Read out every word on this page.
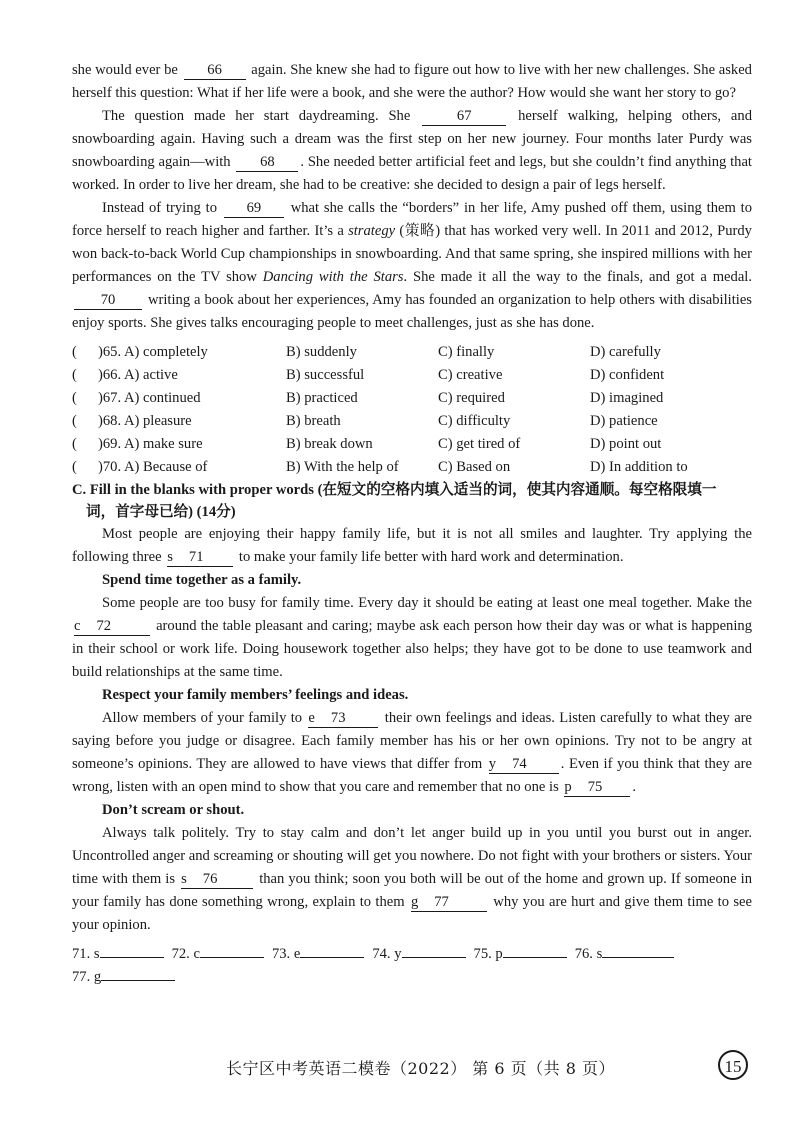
she would ever be 66 again. She knew she had to figure out how to live with her new challenges. She asked herself this question: What if her life were a book, and she were the author? How would she want her story to go?

The question made her start daydreaming. She	67	herself walking, helping others, and snowboarding again. Having such a dream was the first step on her new journey. Four months later Purdy was snowboarding again—with 68 . She needed better artificial feet and legs, but she couldn’t find anything that worked. In order to live her dream, she had to be creative: she decided to design a pair of legs herself.

Instead of trying to 69 what she calls the “borders” in her life, Amy pushed off them, using them to force herself to reach higher and farther. It’s a strategy (策略) that has worked very well. In 2011 and 2012, Purdy won back-to-back World Cup championships in snowboarding. And that same spring, she inspired millions with her performances on the TV show Dancing with the Stars. She made it all the way to the finals, and got a medal. 70 writing a book about her experiences, Amy has founded an organization to help others with disabilities enjoy sports. She gives talks encouraging people to meet challenges, just as she has done.

( )65. A) completely	B) suddenly	C) finally	D) carefully
( )66. A) active	B) successful	C) creative	D) confident
( )67. A) continued	B) practiced	C) required	D) imagined
( )68. A) pleasure	B) breath	C) difficulty	D) patience
( )69. A) make sure	B) break down	C) get tired of	D) point out
( )70. A) Because of	B) With the help of	C) Based on	D) In addition to
C. Fill in the blanks with proper words (在短文的空格内填入适当的词，使其内容通顺。每空格限填一
词，首字母已给) (14分)

Most people are enjoying their happy family life, but it is not all smiles and laughter. Try applying the following three s 71 to make your family life better with hard work and determination.

Spend time together as a family.

Some people are too busy for family time. Every day it should be eating at least one meal together. Make the c 72	around the table pleasant and caring; maybe ask each person how their day was or what is happening in their school or work life. Doing housework together also helps; they have got to be done to use teamwork and build relationships at the same time.

Respect your family members’ feelings and ideas.

Allow members of your family to e 73	their own feelings and ideas. Listen carefully to what they are saying before you judge or disagree. Each family member has his or her own opinions. Try not to be angry at someone’s opinions. They are allowed to have views that differ from y 74 . Even if you think that they are wrong, listen with an open mind to show that you care and remember that no one is p 75 .

Don’t scream or shout.

Always talk politely. Try to stay calm and don’t let anger build up in you until you burst out in anger. Uncontrolled anger and screaming or shouting will get you nowhere. Do not fight with your brothers or sisters. Your time with them is s 76	than you think; soon you both will be out of the home and grown up. If someone in your family has done something wrong, explain to them g 77	why you are hurt and give them time to see your opinion.

71. s	72. c	73. e	74. y	75. p	76. s
77. g
长宁区中考英语二模卷（2022） 第 6 页（共 8 页）	15
